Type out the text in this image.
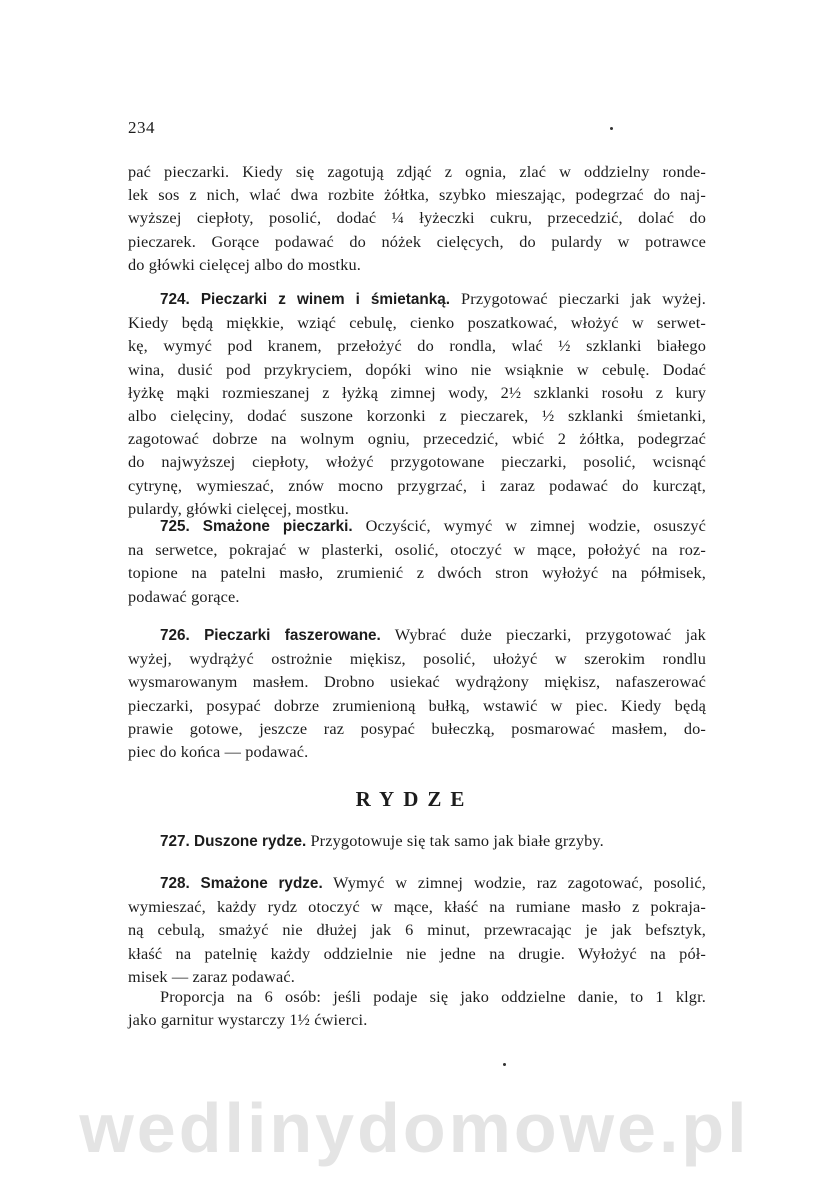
234
pać pieczarki. Kiedy się zagotują zdjąć z ognia, zlać w oddzielny ronde-
lek sos z nich, wlać dwa rozbite żółtka, szybko mieszając, podegrzać do naj-
wyższej ciepłoty, posolić, dodać ¼ łyżeczki cukru, przecedzić, dolać do
pieczarek. Gorące podawać do nóżek cielęcych, do pulardy w potrawce
do główki cielęcej albo do mostku.
724. Pieczarki z winem i śmietanką. Przygotować pieczarki jak wyżej.
Kiedy będą miękkie, wziąć cebulę, cienko poszatkować, włożyć w serwet-
kę, wymyć pod kranem, przełożyć do rondla, wlać ½ szklanki białego
wina, dusić pod przykryciem, dopóki wino nie wsiąknie w cebulę. Dodać
łyżkę mąki rozmieszanej z łyżką zimnej wody, 2½ szklanki rosołu z kury
albo cielęciny, dodać suszone korzonki z pieczarek, ½ szklanki śmietanki,
zagotować dobrze na wolnym ogniu, przecedzić, wbić 2 żółtka, podegrzać
do najwyższej ciepłoty, włożyć przygotowane pieczarki, posolić, wcisnąć
cytrynę, wymieszać, znów mocno przygrzać, i zaraz podawać do kurcząt,
pulardy, główki cielęcej, mostku.
725. Smażone pieczarki. Oczyścić, wymyć w zimnej wodzie, osuszyć
na serwetce, pokrajać w plasterki, osolić, otoczyć w mące, położyć na roz-
topione na patelni masło, zrumienić z dwóch stron wyłożyć na półmisek,
podawać gorące.
726. Pieczarki faszerowane. Wybrać duże pieczarki, przygotować jak
wyżej, wydrążyć ostrożnie miękisz, posolić, ułożyć w szerokim rondlu
wysmarowanym masłem. Drobno usiekać wydrążony miękisz, nafaszerować
pieczarki, posypać dobrze zrumienioną bułką, wstawić w piec. Kiedy będą
prawie gotowe, jeszcze raz posypać bułeczką, posmarować masłem, do-
piec do końca — podawać.
RYDZE
727. Duszone rydze. Przygotowuje się tak samo jak białe grzyby.
728. Smażone rydze. Wymyć w zimnej wodzie, raz zagotować, posolić,
wymieszać, każdy rydz otoczyć w mące, kłaść na rumiane masło z pokraja-
ną cebulą, smażyć nie dłużej jak 6 minut, przewracając je jak befsztyk,
kłaść na patelnię każdy oddzielnie nie jedne na drugie. Wyłożyć na pół-
misek — zaraz podawać.
Proporcja na 6 osób: jeśli podaje się jako oddzielne danie, to 1 klgr.
jako garnitur wystarczy 1½ ćwierci.
wedlinydomowe.pl
